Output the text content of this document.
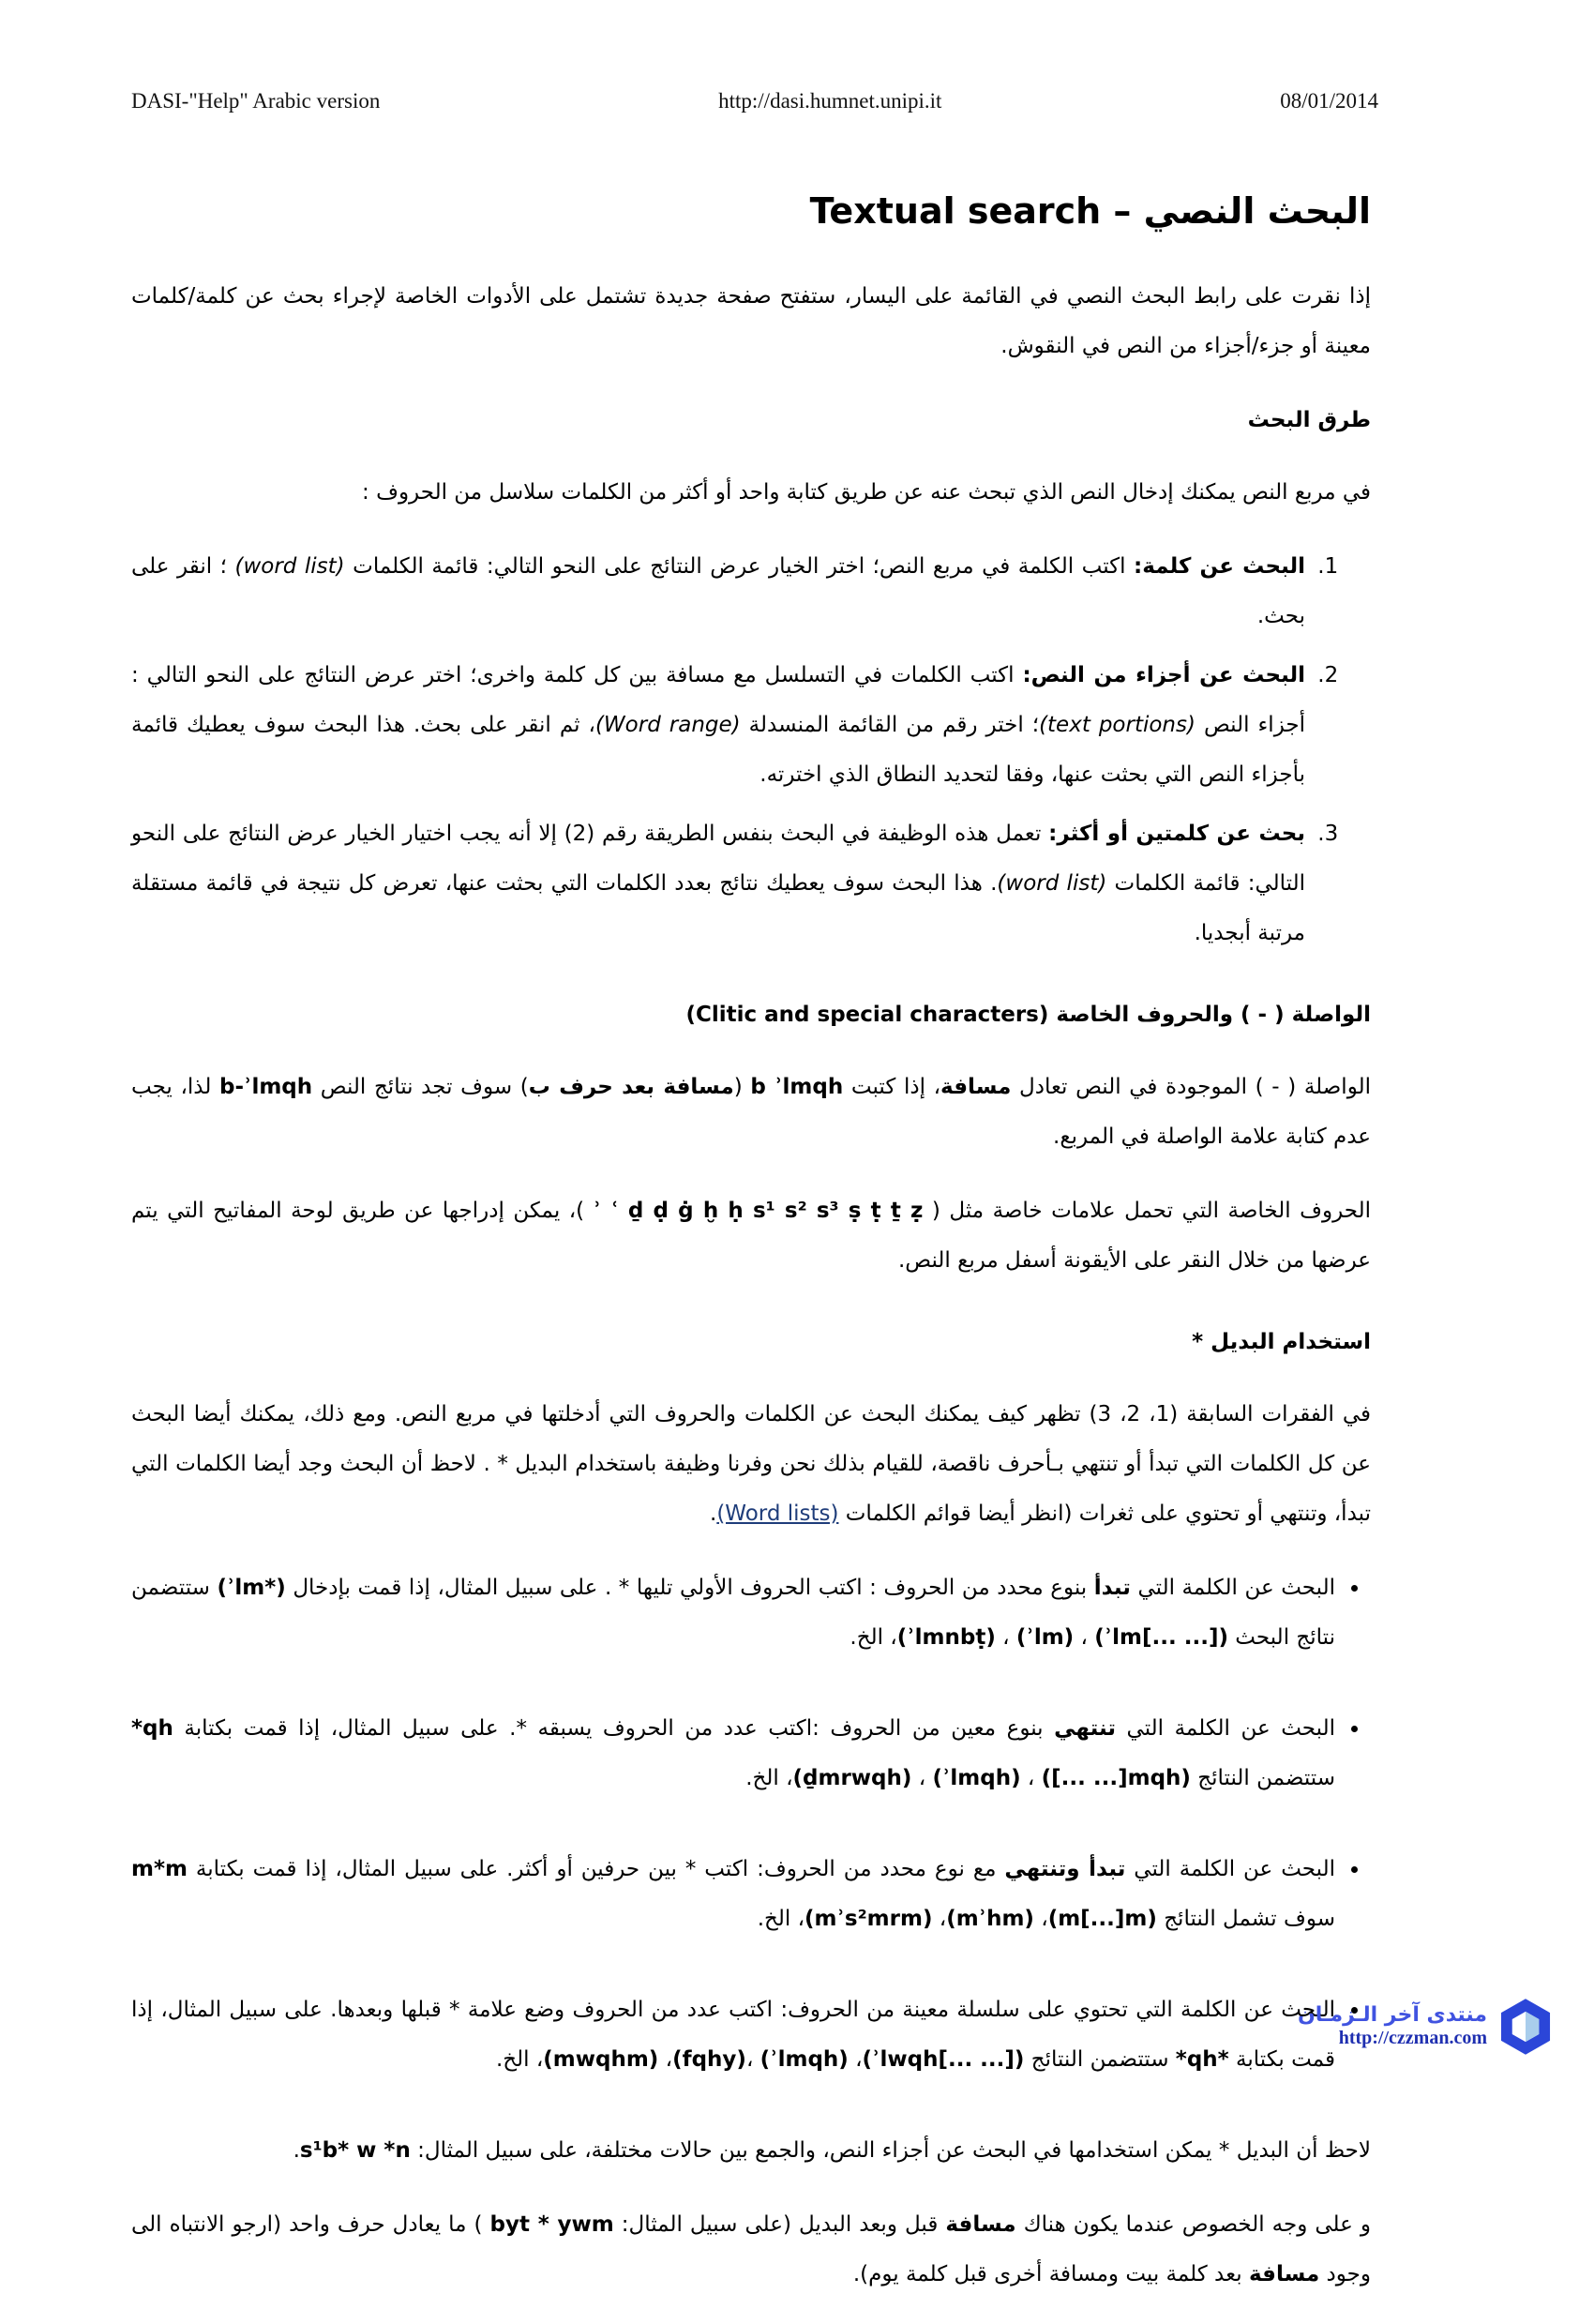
DASI-"Help" Arabic version	http://dasi.humnet.unipi.it	08/01/2014
Textual search – البحث النصي

إذا نقرت على رابط البحث النصي في القائمة على اليسار، ستفتح صفحة جديدة تشتمل على الأدوات الخاصة لإجراء بحث عن كلمة/كلمات معينة أو جزء/أجزاء من النص في النقوش.

طرق البحث

في مربع النص يمكنك إدخال النص الذي تبحث عنه عن طريق كتابة واحد أو أكثر من الكلمات سلاسل من الحروف :

1. البحث عن كلمة: اكتب الكلمة في مربع النص؛ اختر الخيار عرض النتائج على النحو التالي: قائمة الكلمات (word list) ؛ انقر على بحث.
2. البحث عن أجزاء من النص: اكتب الكلمات في التسلسل مع مسافة بين كل كلمة واخرى؛ اختر عرض النتائج على النحو التالي : أجزاء النص (text portions)؛ اختر رقم من القائمة المنسدلة (Word range)، ثم انقر على بحث. هذا البحث سوف يعطيك قائمة بأجزاء النص التي بحثت عنها، وفقا لتحديد النطاق الذي اخترته.
3. بحث عن كلمتين أو أكثر: تعمل هذه الوظيفة في البحث بنفس الطريقة رقم (2) إلا أنه يجب اختيار الخيار عرض النتائج على النحو التالي: قائمة الكلمات (word list). هذا البحث سوف يعطيك نتائج بعدد الكلمات التي بحثت عنها، تعرض كل نتيجة في قائمة مستقلة مرتبة أبجديا.
الواصلة ( - ) والحروف الخاصة (Clitic and special characters)

الواصلة ( - ) الموجودة في النص تعادل مسافة، إذا كتبت b ʾlmqh (مسافة بعد حرف ب) سوف تجد نتائج النص b-ʾlmqh لذا، يجب عدم كتابة علامة الواصلة في المربع.

الحروف الخاصة التي تحمل علامات خاصة مثل ( ʾ ʿ ḏ ḍ ġ ḫ ḥ s¹ s² s³ ṣ ṭ ṯ ẓ )، يمكن إدراجها عن طريق لوحة المفاتيح التي يتم عرضها من خلال النقر على الأيقونة أسفل مربع النص.

استخدام البديل *

في الفقرات السابقة (1، 2، 3) تظهر كيف يمكنك البحث عن الكلمات والحروف التي أدخلتها في مربع النص. ومع ذلك، يمكنك أيضا البحث عن كل الكلمات التي تبدأ أو تنتهي بـأحرف ناقصة، للقيام بذلك نحن وفرنا وظيفة باستخدام البديل * . لاحظ أن البحث وجد أيضا الكلمات التي تبدأ، وتنتهي أو تحتوي على ثغرات (انظر أيضا قوائم الكلمات (Word lists).

• البحث عن الكلمة التي تبدأ بنوع محدد من الحروف : اكتب الحروف الأولي تليها * . على سبيل المثال، إذا قمت بإدخال (ʾlm*) ستتضمن نتائج البحث (ʾlm[... ...]) ، (ʾlm) ، (ʾlmnbṭ)، الخ.
• البحث عن الكلمة التي تنتهي بنوع معين من الحروف :اكتب عدد من الحروف يسبقه *. على سبيل المثال، إذا قمت بكتابة *qh ستتضمن النتائج ([... ...]mqh) ، (ʾlmqh) ، (ḏmrwqh)، الخ.
• البحث عن الكلمة التي تبدأ وتنتهي مع نوع محدد من الحروف: اكتب * بين حرفين أو أكثر. على سبيل المثال، إذا قمت بكتابة m*m سوف تشمل النتائج (m[...]m)، (mʾhm)، (mʾs²mrm)، الخ.
• البحث عن الكلمة التي تحتوي على سلسلة معينة من الحروف: اكتب عدد من الحروف وضع علامة * قبلها وبعدها. على سبيل المثال، إذا قمت بكتابة *qh* ستتضمن النتائج (ʾlwqh[... ...])، (ʾlmqh) ،(fqhy)، (mwqhm)، الخ.

لاحظ أن البديل * يمكن استخدامها في البحث عن أجزاء النص، والجمع بين حالات مختلفة، على سبيل المثال: s¹b* w *n.

و على وجه الخصوص عندما يكون هناك مسافة قبل وبعد البديل (على سبيل المثال: byt * ywm ) ما يعادل حرف واحد (ارجو الانتباه الى وجود مسافة بعد كلمة بيت ومسافة أخرى قبل كلمة يوم).

منتدى آخر الـزمـان
http://czzman.com
